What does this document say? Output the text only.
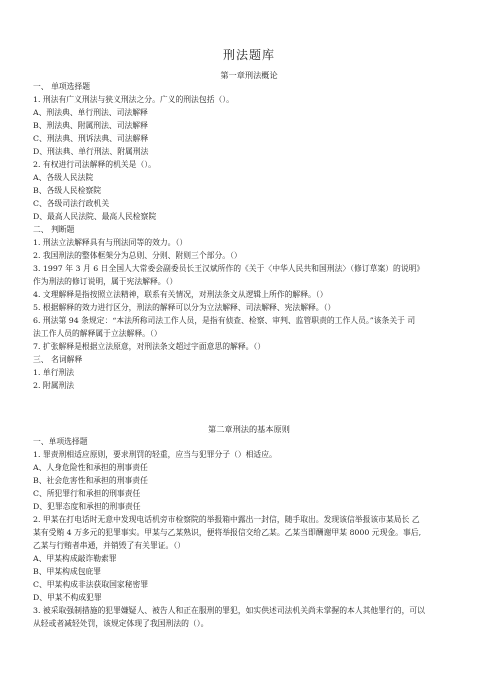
刑法题库
第一章刑法概论
一、 单项选择题
1. 刑法有广义刑法与狭义刑法之分。广义的刑法包括（）。
A、刑法典、单行刑法、司法解释
B、刑法典、附属刑法、司法解释
C、刑法典、刑诉法典、司法解释
D、刑法典、单行刑法、附属刑法
2. 有权进行司法解释的机关是（）。
A、各级人民法院
B、各级人民检察院
C、各级司法行政机关
D、最高人民法院、最高人民检察院
二、 判断题
1. 刑法立法解释具有与刑法同等的效力。（）
2. 我国刑法的整体框架分为总则、分则、附则三个部分。（）
3. 1997 年 3 月 6 日全国人大常委会副委员长王汉斌所作的《关于〈中华人民共和国刑法〉（修订草案）的说明》
作为刑法的修订说明，属于宪法解释。（）
4. 文理解释是指按照立法精神，联系有关情况，对刑法条文从逻辑上所作的解释。（）
5. 根据解释的效力进行区分，刑法的解释可以分为立法解释、司法解释、宪法解释。（）
6. 刑法第 94 条规定：“本法所称司法工作人员，是指有侦查、检察、审判、监管职责的工作人员。”该条关于 司
法工作人员的解释属于立法解释。（）
7. 扩张解释是根据立法原意，对刑法条文超过字面意思的解释。（）
三、 名词解释
1. 单行刑法
2. 附属刑法
第二章刑法的基本原则
一、单项选择题
1. 罪责刑相适应原则，要求刑罚的轻重，应当与犯罪分子（）相适应。
A、人身危险性和承担的刑事责任
B、社会危害性和承担的刑事责任
C、所犯罪行和承担的刑事责任
D、犯罪态度和承担的刑事责任
2. 甲某在打电话时无意中发现电话机旁市检察院的举报箱中露出一封信，随手取出。发现该信举报该市某局长 乙
某有受贿 4 万多元的犯罪事实。甲某与乙某熟识，便将举报信交给乙某。乙某当即酬谢甲某 8000 元现金。事后,
乙某与行贿者串通，并销毁了有关罪证。（）
A、甲某构成敲诈勒索罪
B、甲某构成包庇罪
C、甲某构成非法获取国家秘密罪
D、甲某不构成犯罪
3. 被采取强制措施的犯罪嫌疑人、被告人和正在服刑的罪犯，如实供述司法机关尚未掌握的本人其他罪行的，可以
从轻或者减轻处罚，该规定体现了我国刑法的（）。
